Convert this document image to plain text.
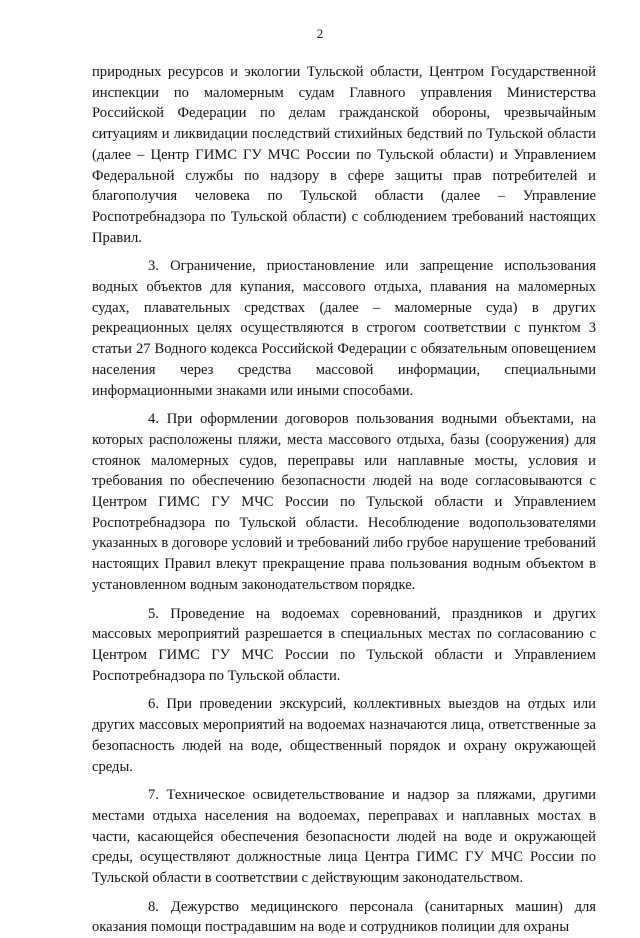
2

природных ресурсов и экологии Тульской области, Центром Государственной инспекции по маломерным судам Главного управления Министерства Российской Федерации по делам гражданской обороны, чрезвычайным ситуациям и ликвидации последствий стихийных бедствий по Тульской области (далее – Центр ГИМС ГУ МЧС России по Тульской области) и Управлением Федеральной службы по надзору в сфере защиты прав потребителей и благополучия человека по Тульской области (далее – Управление Роспотребнадзора по Тульской области) с соблюдением требований настоящих Правил.

3. Ограничение, приостановление или запрещение использования водных объектов для купания, массового отдыха, плавания на маломерных судах, плавательных средствах (далее – маломерные суда) в других рекреационных целях осуществляются в строгом соответствии с пунктом 3 статьи 27 Водного кодекса Российской Федерации с обязательным оповещением населения через средства массовой информации, специальными информационными знаками или иными способами.

4. При оформлении договоров пользования водными объектами, на которых расположены пляжи, места массового отдыха, базы (сооружения) для стоянок маломерных судов, переправы или наплавные мосты, условия и требования по обеспечению безопасности людей на воде согласовываются с Центром ГИМС ГУ МЧС России по Тульской области и Управлением Роспотребнадзора по Тульской области. Несоблюдение водопользователями указанных в договоре условий и требований либо грубое нарушение требований настоящих Правил влекут прекращение права пользования водным объектом в установленном водным законодательством порядке.

5. Проведение на водоемах соревнований, праздников и других массовых мероприятий разрешается в специальных местах по согласованию с Центром ГИМС ГУ МЧС России по Тульской области и Управлением Роспотребнадзора по Тульской области.

6. При проведении экскурсий, коллективных выездов на отдых или других массовых мероприятий на водоемах назначаются лица, ответственные за безопасность людей на воде, общественный порядок и охрану окружающей среды.

7. Техническое освидетельствование и надзор за пляжами, другими местами отдыха населения на водоемах, переправах и наплавных мостах в части, касающейся обеспечения безопасности людей на воде и окружающей среды, осуществляют должностные лица Центра ГИМС ГУ МЧС России по Тульской области в соответствии с действующим законодательством.

8. Дежурство медицинского персонала (санитарных машин) для оказания помощи пострадавшим на воде и сотрудников полиции для охраны
